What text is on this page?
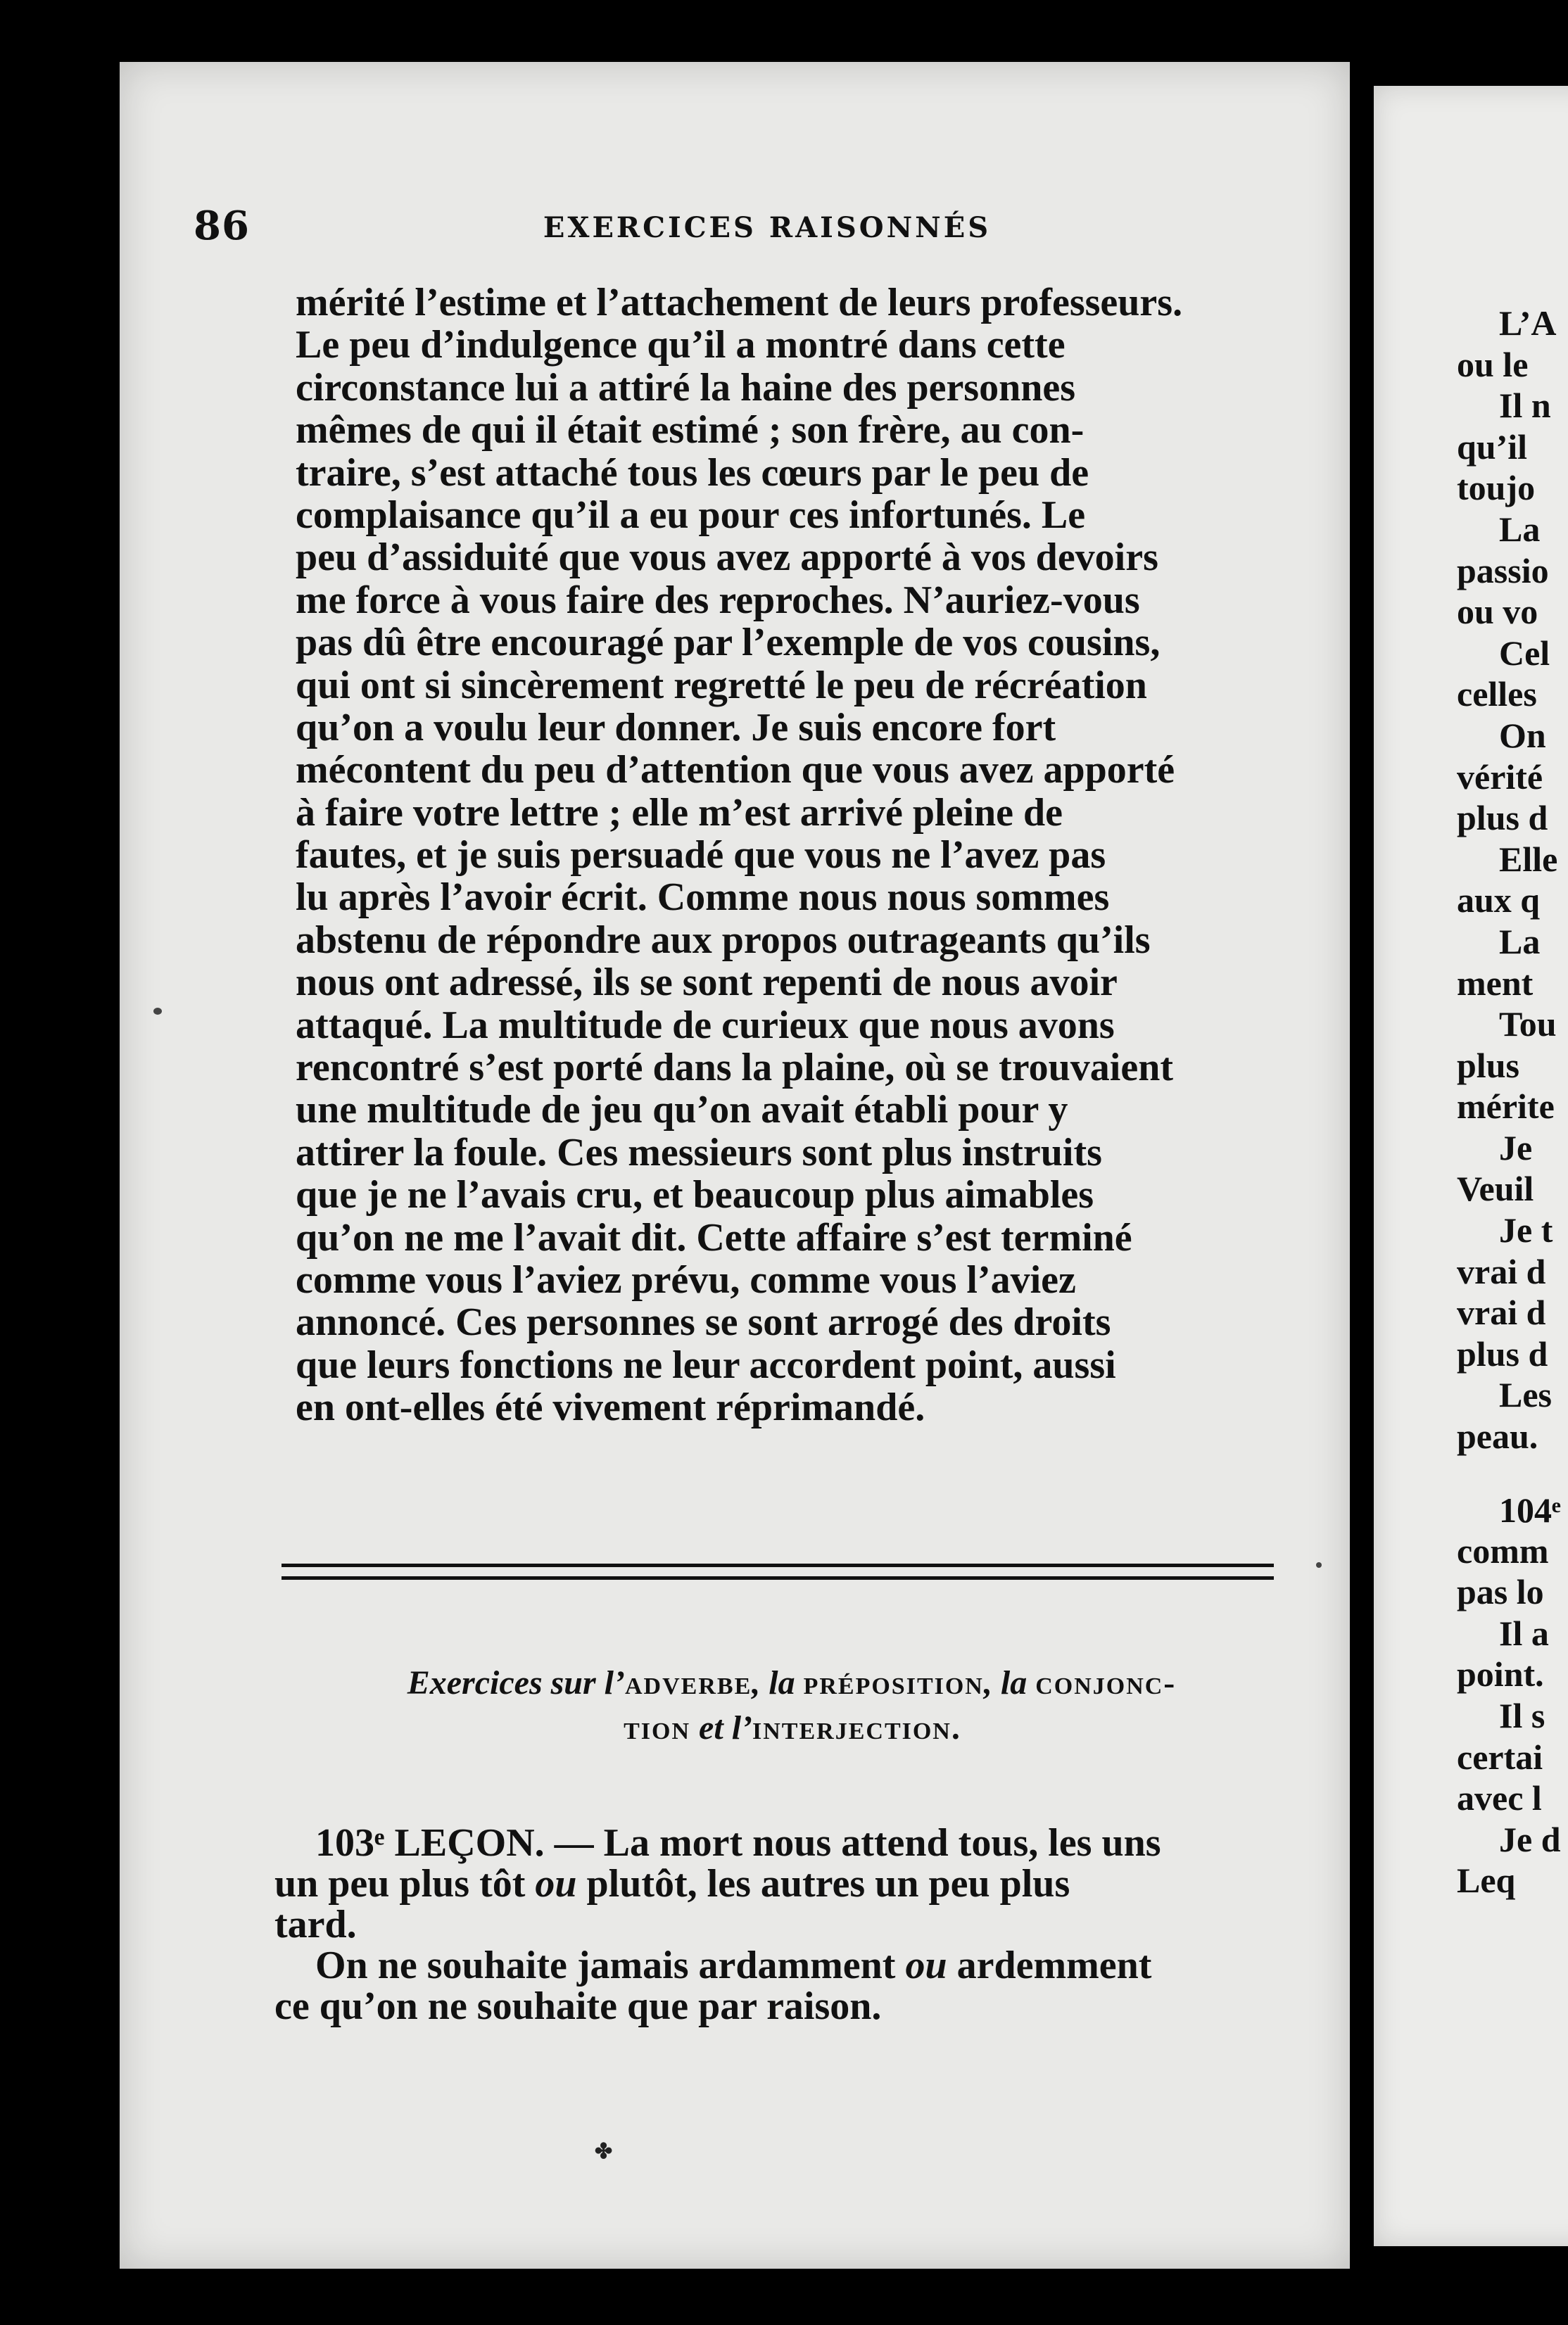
86	EXERCICES RAISONNÉS
mérité l’estime et l’attachement de leurs professeurs.
Le peu d’indulgence qu’il a montré dans cette
circonstance lui a attiré la haine des personnes
mêmes de qui il était estimé ; son frère, au con-
traire, s’est attaché tous les cœurs par le peu de
complaisance qu’il a eu pour ces infortunés. Le
peu d’assiduité que vous avez apporté à vos devoirs
me force à vous faire des reproches. N’auriez-vous
pas dû être encouragé par l’exemple de vos cousins,
qui ont si sincèrement regretté le peu de récréation
qu’on a voulu leur donner. Je suis encore fort
mécontent du peu d’attention que vous avez apporté
à faire votre lettre ; elle m’est arrivé pleine de
fautes, et je suis persuadé que vous ne l’avez pas
lu après l’avoir écrit. Comme nous nous sommes
abstenu de répondre aux propos outrageants qu’ils
nous ont adressé, ils se sont repenti de nous avoir
attaqué. La multitude de curieux que nous avons
rencontré s’est porté dans la plaine, où se trouvaient
une multitude de jeu qu’on avait établi pour y
attirer la foule. Ces messieurs sont plus instruits
que je ne l’avais cru, et beaucoup plus aimables
qu’on ne me l’avait dit. Cette affaire s’est terminé
comme vous l’aviez prévu, comme vous l’aviez
annoncé. Ces personnes se sont arrogé des droits
que leurs fonctions ne leur accordent point, aussi
en ont-elles été vivement réprimandé.
Exercices sur l’adverbe, la préposition, la conjonc-
tion et l’interjection.
103ᵉ LEÇON. — La mort nous attend tous, les uns
un peu plus tôt ou plutôt, les autres un peu plus
tard.
On ne souhaite jamais ardamment ou ardemment
ce qu’on ne souhaite que par raison.
✤
L’A
ou le
Il n
qu’il
toujo
La
passio
ou vo
Cel
celles
On
vérité
plus d
Elle
aux q
La
ment
Tou
plus
mérite
Je
Veuil
Je t
vrai d
vrai d
plus d
Les
peau.
104ᵉ
comm
pas lo
Il a
point.
Il s
certai
avec l
Je d
Leq
